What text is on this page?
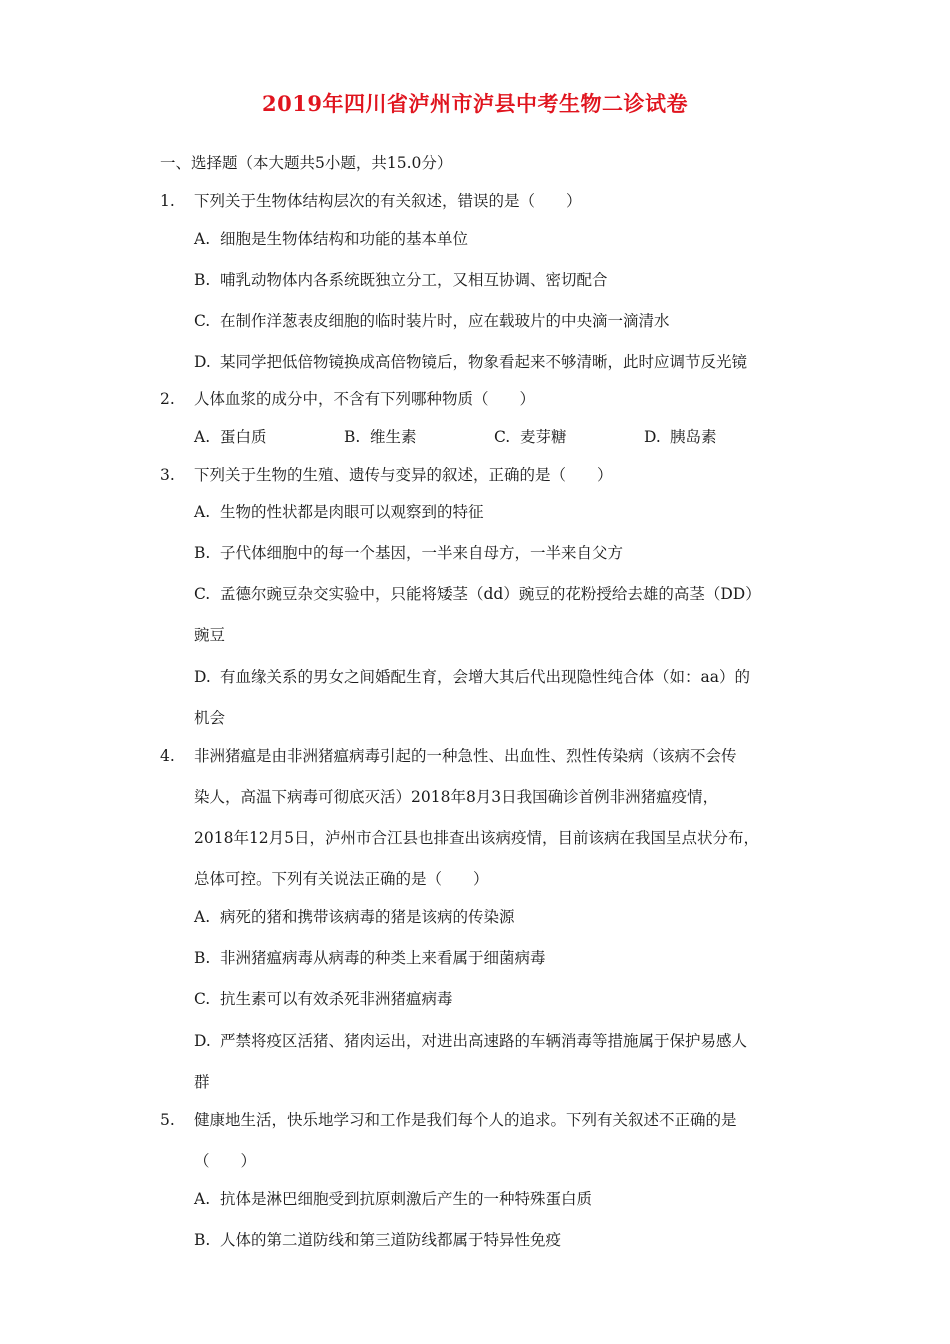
2019年四川省泸州市泸县中考生物二诊试卷
一、选择题（本大题共5小题，共15.0分）
1. 下列关于生物体结构层次的有关叙述，错误的是（　　）
A. 细胞是生物体结构和功能的基本单位
B. 哺乳动物体内各系统既独立分工，又相互协调、密切配合
C. 在制作洋葱表皮细胞的临时装片时，应在载玻片的中央滴一滴清水
D. 某同学把低倍物镜换成高倍物镜后，物象看起来不够清晰，此时应调节反光镜
2. 人体血浆的成分中，不含有下列哪种物质（　　）
A. 蛋白质	B. 维生素	C. 麦芽糖	D. 胰岛素
3. 下列关于生物的生殖、遗传与变异的叙述，正确的是（　　）
A. 生物的性状都是肉眼可以观察到的特征
B. 子代体细胞中的每一个基因，一半来自母方，一半来自父方
C. 孟德尔豌豆杂交实验中，只能将矮茎（dd）豌豆的花粉授给去雄的高茎（DD）
豌豆
D. 有血缘关系的男女之间婚配生育，会增大其后代出现隐性纯合体（如：aa）的
机会
4. 非洲猪瘟是由非洲猪瘟病毒引起的一种急性、出血性、烈性传染病（该病不会传
染人，高温下病毒可彻底灭活）2018年8月3日我国确诊首例非洲猪瘟疫情，
2018年12月5日，泸州市合江县也排查出该病疫情，目前该病在我国呈点状分布，
总体可控。下列有关说法正确的是（　　）
A. 病死的猪和携带该病毒的猪是该病的传染源
B. 非洲猪瘟病毒从病毒的种类上来看属于细菌病毒
C. 抗生素可以有效杀死非洲猪瘟病毒
D. 严禁将疫区活猪、猪肉运出，对进出高速路的车辆消毒等措施属于保护易感人
群
5. 健康地生活，快乐地学习和工作是我们每个人的追求。下列有关叙述不正确的是
（　　）
A. 抗体是淋巴细胞受到抗原刺激后产生的一种特殊蛋白质
B. 人体的第二道防线和第三道防线都属于特异性免疫
